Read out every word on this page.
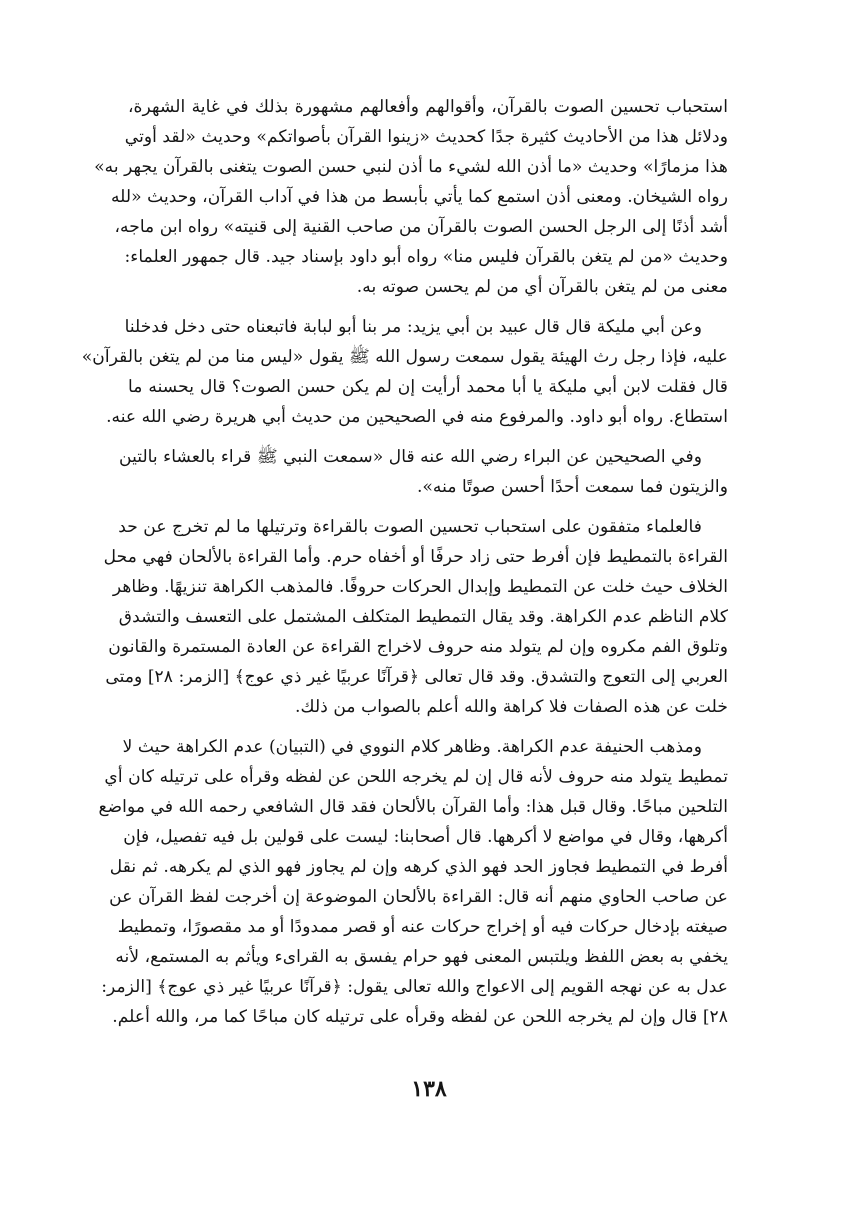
استحباب تحسين الصوت بالقرآن، وأقوالهم وأفعالهم مشهورة بذلك في غاية الشهرة،
ودلائل هذا من الأحاديث كثيرة جدًا كحديث «زينوا القرآن بأصواتكم» وحديث «لقد أوتي
هذا مزمارًا» وحديث «ما أذن الله لشيء ما أذن لنبي حسن الصوت يتغنى بالقرآن يجهر به»
رواه الشيخان. ومعنى أذن استمع كما يأتي بأبسط من هذا في آداب القرآن، وحديث «لله
أشد أذنًا إلى الرجل الحسن الصوت بالقرآن من صاحب القنية إلى قنيته» رواه ابن ماجه،
وحديث «من لم يتغن بالقرآن فليس منا» رواه أبو داود بإسناد جيد. قال جمهور العلماء:
معنى من لم يتغن بالقرآن أي من لم يحسن صوته به.

وعن أبي مليكة قال قال عبيد بن أبي يزيد: مر بنا أبو لبابة فاتبعناه حتى دخل فدخلنا
عليه، فإذا رجل رث الهيئة يقول سمعت رسول الله ﷺ يقول «ليس منا من لم يتغن بالقرآن»
قال فقلت لابن أبي مليكة يا أبا محمد أرأيت إن لم يكن حسن الصوت؟ قال يحسنه ما
استطاع. رواه أبو داود. والمرفوع منه في الصحيحين من حديث أبي هريرة رضي الله عنه.

وفي الصحيحين عن البراء رضي الله عنه قال «سمعت النبي ﷺ قراء بالعشاء بالتين
والزيتون فما سمعت أحدًا أحسن صوتًا منه».

فالعلماء متفقون على استحباب تحسين الصوت بالقراءة وترتيلها ما لم تخرج عن حد
القراءة بالتمطيط فإن أفرط حتى زاد حرفًا أو أخفاه حرم. وأما القراءة بالألحان فهي محل
الخلاف حيث خلت عن التمطيط وإبدال الحركات حروفًا. فالمذهب الكراهة تنزيهًا. وظاهر
كلام الناظم عدم الكراهة. وقد يقال التمطيط المتكلف المشتمل على التعسف والتشدق
وتلوق الفم مكروه وإن لم يتولد منه حروف لاخراج القراءة عن العادة المستمرة والقانون
العربي إلى التعوج والتشدق. وقد قال تعالى ﴿قرآنًا عربيًا غير ذي عوج﴾ [الزمر: ٢٨] ومتى
خلت عن هذه الصفات فلا كراهة والله أعلم بالصواب من ذلك.

ومذهب الحنيفة عدم الكراهة. وظاهر كلام النووي في (التبيان) عدم الكراهة حيث لا
تمطيط يتولد منه حروف لأنه قال إن لم يخرجه اللحن عن لفظه وقرأه على ترتيله كان أي
التلحين مباحًا. وقال قبل هذا: وأما القرآن بالألحان فقد قال الشافعي رحمه الله في مواضع
أكرهها، وقال في مواضع لا أكرهها. قال أصحابنا: ليست على قولين بل فيه تفصيل، فإن
أفرط في التمطيط فجاوز الحد فهو الذي كرهه وإن لم يجاوز فهو الذي لم يكرهه. ثم نقل
عن صاحب الحاوي منهم أنه قال: القراءة بالألحان الموضوعة إن أخرجت لفظ القرآن عن
صيغته بإدخال حركات فيه أو إخراج حركات عنه أو قصر ممدودًا أو مد مقصورًا، وتمطيط
يخفي به بعض اللفظ ويلتبس المعنى فهو حرام يفسق به القراىء ويأثم به المستمع، لأنه
عدل به عن نهجه القويم إلى الاعواج والله تعالى يقول: ﴿قرآنًا عربيًا غير ذي عوج﴾ [الزمر:
٢٨] قال وإن لم يخرجه اللحن عن لفظه وقرأه على ترتيله كان مباحًا كما مر، والله أعلم.

١٣٨
